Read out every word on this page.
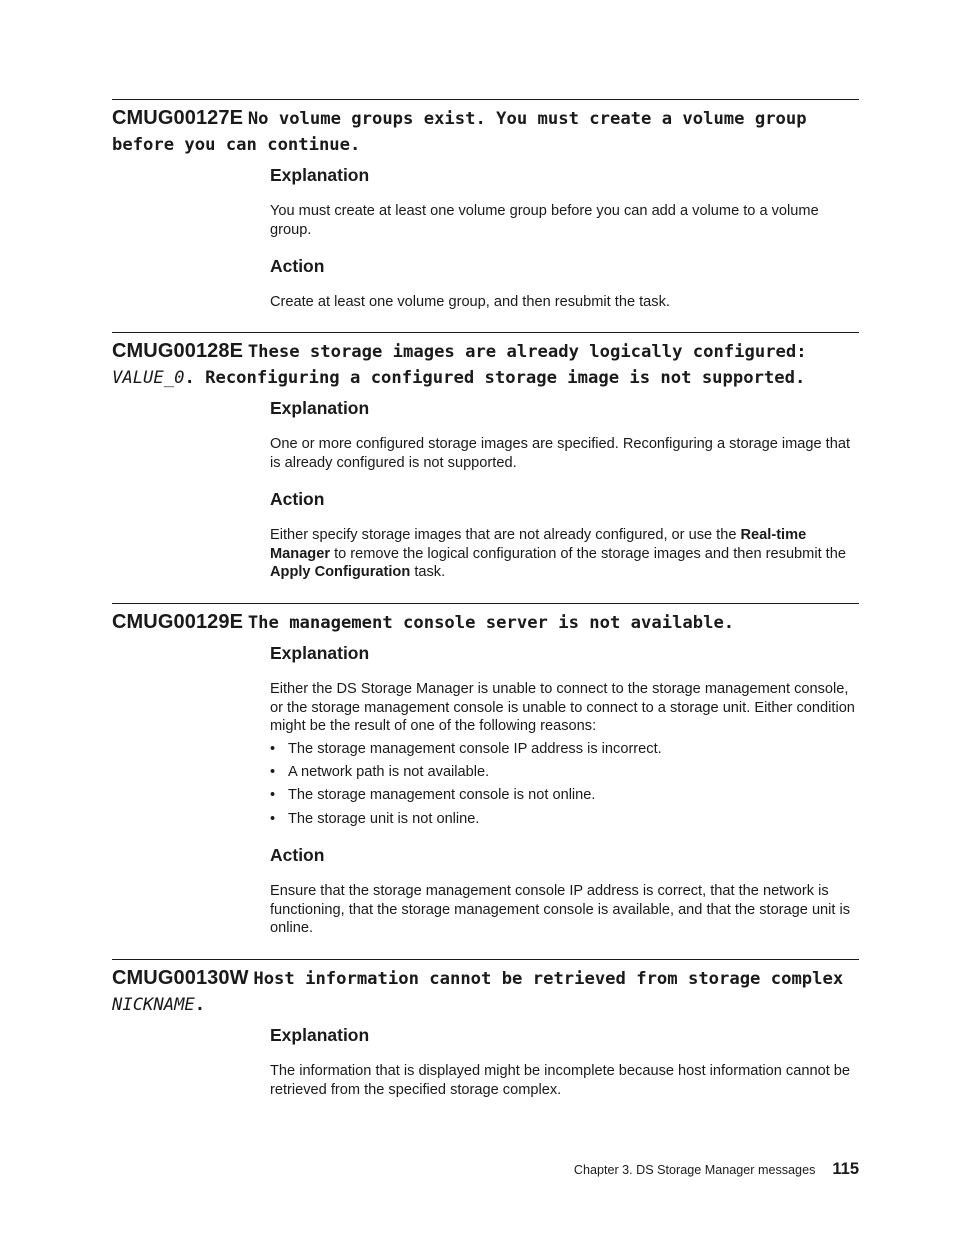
CMUG00127E No volume groups exist. You must create a volume group before you can continue.
Explanation

You must create at least one volume group before you can add a volume to a volume group.

Action

Create at least one volume group, and then resubmit the task.

CMUG00128E These storage images are already logically configured: VALUE_0. Reconfiguring a configured storage image is not supported.
Explanation

One or more configured storage images are specified. Reconfiguring a storage image that is already configured is not supported.

Action

Either specify storage images that are not already configured, or use the Real-time Manager to remove the logical configuration of the storage images and then resubmit the Apply Configuration task.

CMUG00129E The management console server is not available.
Explanation

Either the DS Storage Manager is unable to connect to the storage management console, or the storage management console is unable to connect to a storage unit. Either condition might be the result of one of the following reasons:

• The storage management console IP address is incorrect.
• A network path is not available.
• The storage management console is not online.
• The storage unit is not online.
Action

Ensure that the storage management console IP address is correct, that the network is functioning, that the storage management console is available, and that the storage unit is online.

CMUG00130W Host information cannot be retrieved from storage complex NICKNAME.
Explanation

The information that is displayed might be incomplete because host information cannot be retrieved from the specified storage complex.

Chapter 3. DS Storage Manager messages 115
